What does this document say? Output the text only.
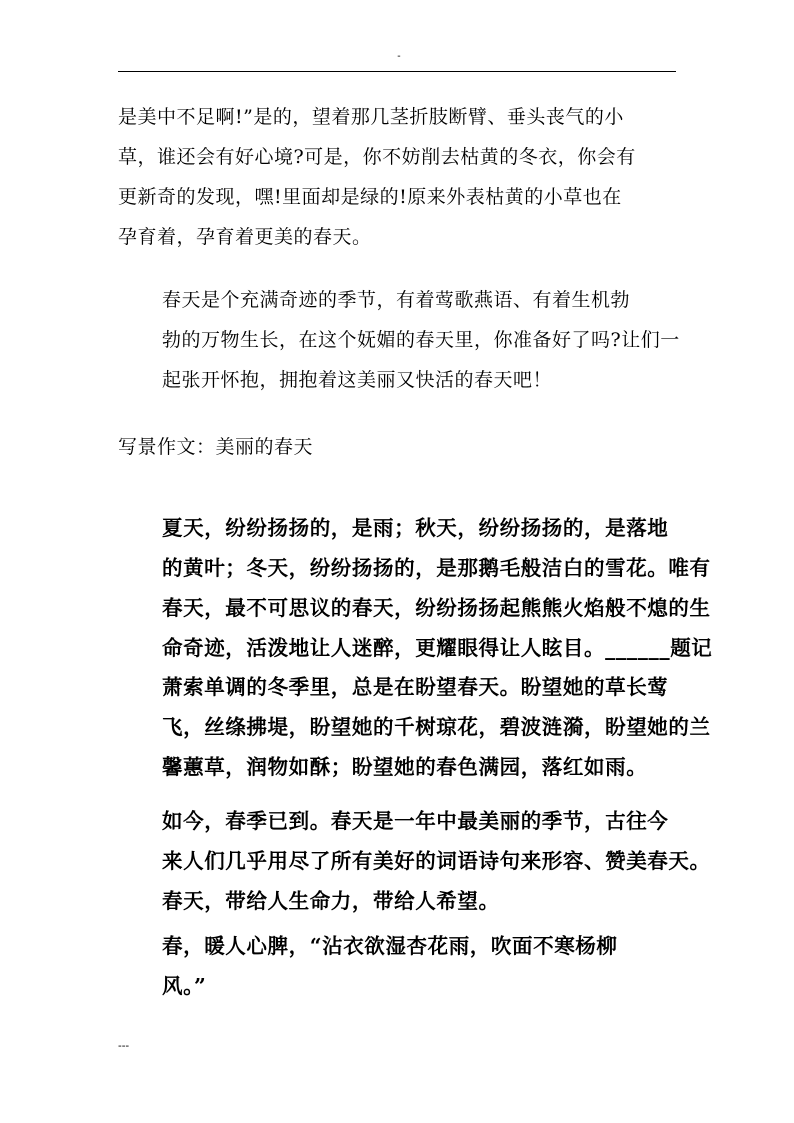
-

是美中不足啊!”是的，望着那几茎折肢断臂、垂头丧气的小
草，谁还会有好心境?可是，你不妨削去枯黄的冬衣，你会有
更新奇的发现，嘿!里面却是绿的!原来外表枯黄的小草也在
孕育着，孕育着更美的春天。

春天是个充满奇迹的季节，有着莺歌燕语、有着生机勃
勃的万物生长，在这个妩媚的春天里，你准备好了吗?让们一
起张开怀抱，拥抱着这美丽又快活的春天吧！

写景作文：美丽的春天

夏天，纷纷扬扬的，是雨；秋天，纷纷扬扬的，是落地
的黄叶；冬天，纷纷扬扬的，是那鹅毛般洁白的雪花。唯有
春天，最不可思议的春天，纷纷扬扬起熊熊火焰般不熄的生
命奇迹，活泼地让人迷醉，更耀眼得让人眩目。______题记

萧索单调的冬季里，总是在盼望春天。盼望她的草长莺
飞，丝绦拂堤，盼望她的千树琼花，碧波涟漪，盼望她的兰
馨蕙草，润物如酥；盼望她的春色满园，落红如雨。

如今，春季已到。春天是一年中最美丽的季节，古往今
来人们几乎用尽了所有美好的词语诗句来形容、赞美春天。
春天，带给人生命力，带给人希望。

春，暖人心脾，“沾衣欲湿杏花雨，吹面不寒杨柳
风。”

---
